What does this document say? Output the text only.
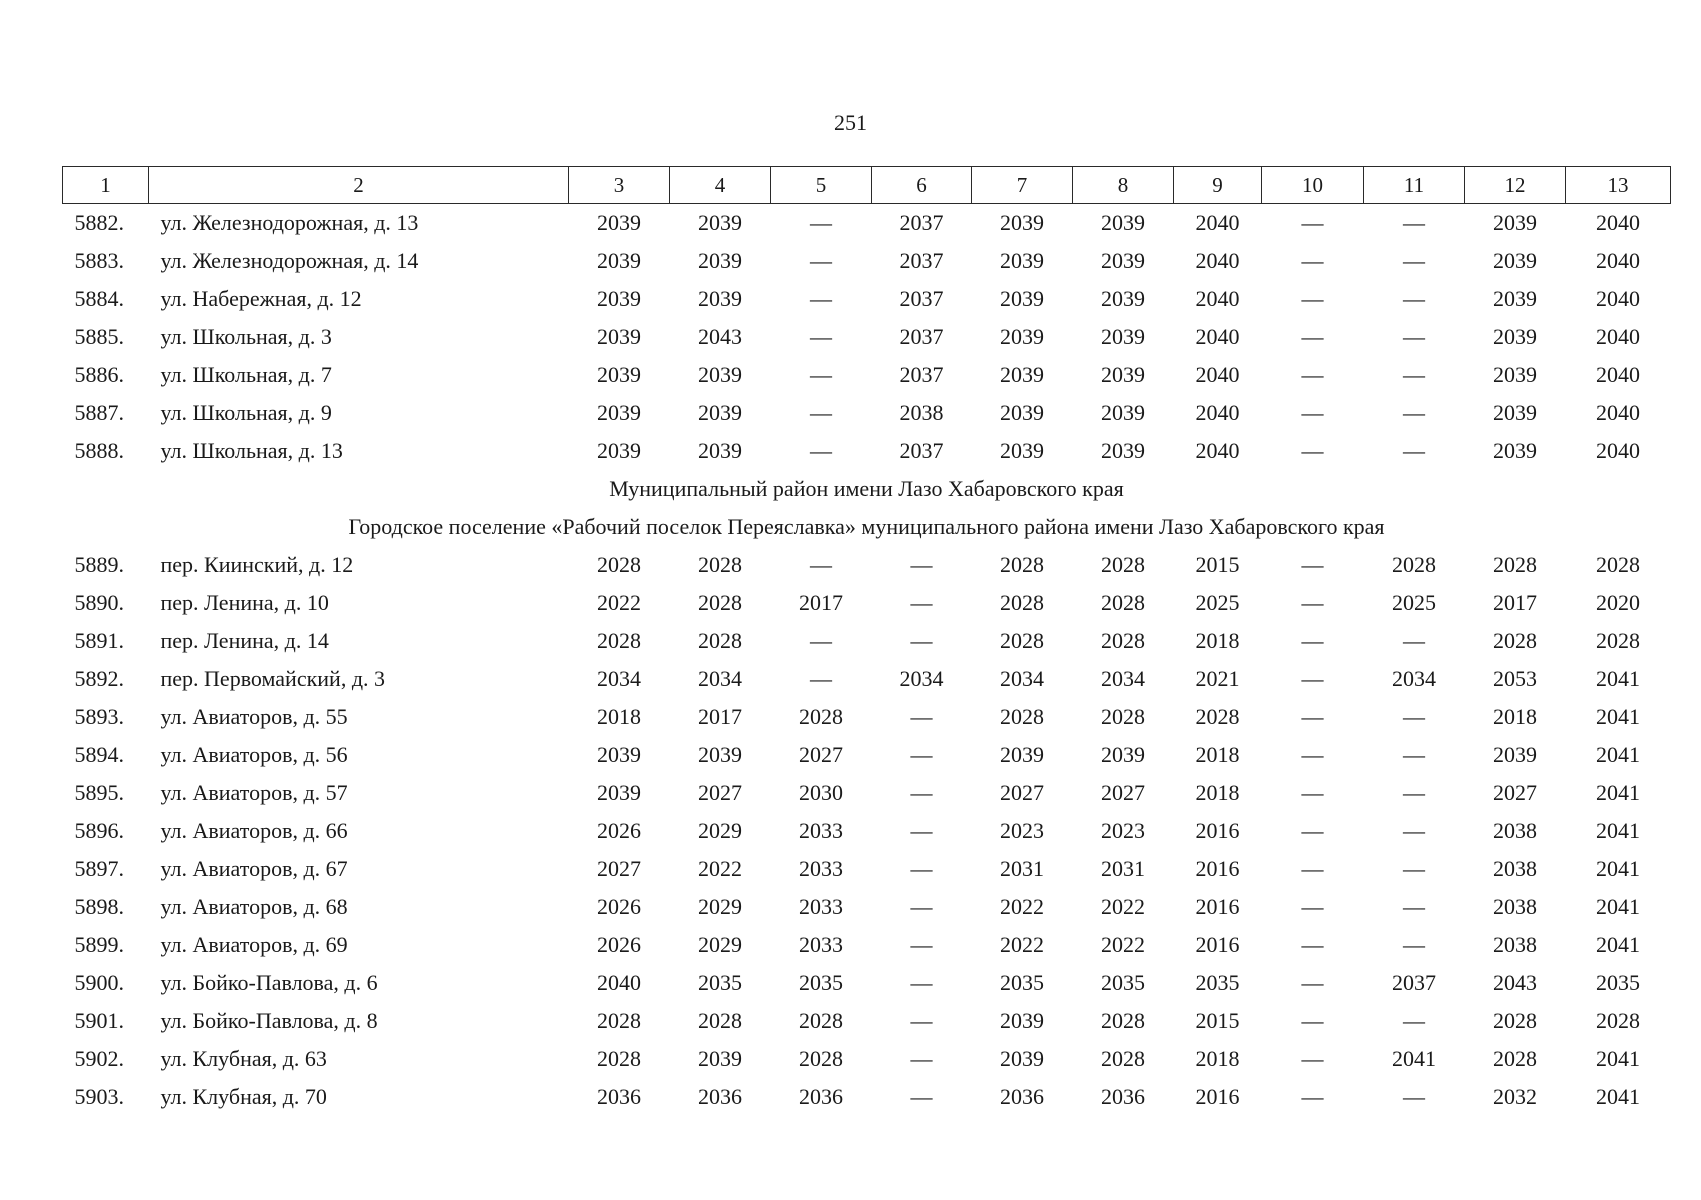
251
1	2	3	4	5	6	7	8	9	10	11	12	13
5882.	ул. Железнодорожная, д. 13	2039	2039	—	2037	2039	2039	2040	—	—	2039	2040
5883.	ул. Железнодорожная, д. 14	2039	2039	—	2037	2039	2039	2040	—	—	2039	2040
5884.	ул. Набережная, д. 12	2039	2039	—	2037	2039	2039	2040	—	—	2039	2040
5885.	ул. Школьная, д. 3	2039	2043	—	2037	2039	2039	2040	—	—	2039	2040
5886.	ул. Школьная, д. 7	2039	2039	—	2037	2039	2039	2040	—	—	2039	2040
5887.	ул. Школьная, д. 9	2039	2039	—	2038	2039	2039	2040	—	—	2039	2040
5888.	ул. Школьная, д. 13	2039	2039	—	2037	2039	2039	2040	—	—	2039	2040
Муниципальный район имени Лазо Хабаровского края												
Городское поселение «Рабочий поселок Переяславка» муниципального района имени Лазо Хабаровского края												
5889.	пер. Киинский, д. 12	2028	2028	—	—	2028	2028	2015	—	2028	2028	2028
5890.	пер. Ленина, д. 10	2022	2028	2017	—	2028	2028	2025	—	2025	2017	2020
5891.	пер. Ленина, д. 14	2028	2028	—	—	2028	2028	2018	—	—	2028	2028
5892.	пер. Первомайский, д. 3	2034	2034	—	2034	2034	2034	2021	—	2034	2053	2041
5893.	ул. Авиаторов, д. 55	2018	2017	2028	—	2028	2028	2028	—	—	2018	2041
5894.	ул. Авиаторов, д. 56	2039	2039	2027	—	2039	2039	2018	—	—	2039	2041
5895.	ул. Авиаторов, д. 57	2039	2027	2030	—	2027	2027	2018	—	—	2027	2041
5896.	ул. Авиаторов, д. 66	2026	2029	2033	—	2023	2023	2016	—	—	2038	2041
5897.	ул. Авиаторов, д. 67	2027	2022	2033	—	2031	2031	2016	—	—	2038	2041
5898.	ул. Авиаторов, д. 68	2026	2029	2033	—	2022	2022	2016	—	—	2038	2041
5899.	ул. Авиаторов, д. 69	2026	2029	2033	—	2022	2022	2016	—	—	2038	2041
5900.	ул. Бойко-Павлова, д. 6	2040	2035	2035	—	2035	2035	2035	—	2037	2043	2035
5901.	ул. Бойко-Павлова, д. 8	2028	2028	2028	—	2039	2028	2015	—	—	2028	2028
5902.	ул. Клубная, д. 63	2028	2039	2028	—	2039	2028	2018	—	2041	2028	2041
5903.	ул. Клубная, д. 70	2036	2036	2036	—	2036	2036	2016	—	—	2032	2041
